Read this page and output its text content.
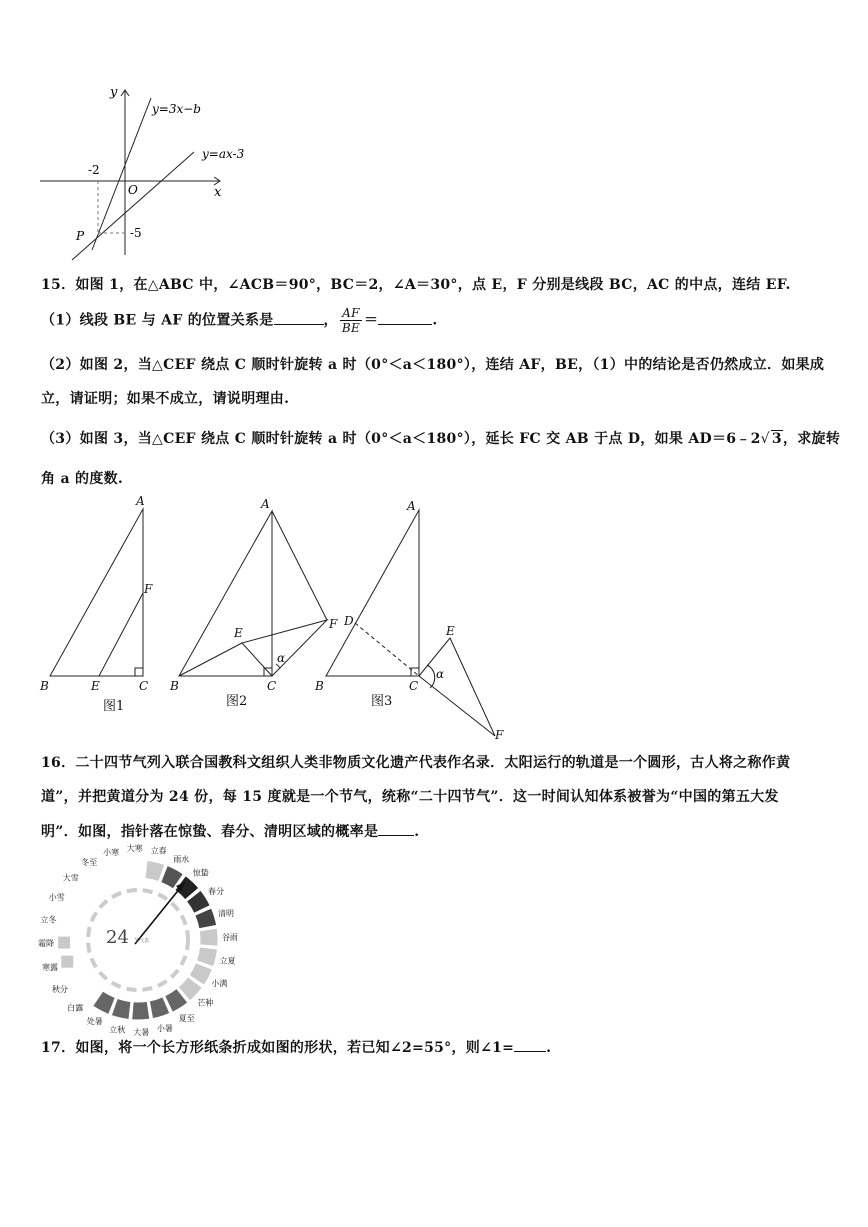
y
x
O
y=3x−b
y=ax-3
-2
-5
P
15．如图 1，在△ABC 中，∠ACB＝90°，BC＝2，∠A＝30°，点 E，F 分别是线段 BC，AC 的中点，连结 EF.
（1）线段 BE 与 AF 的位置关系是	， $\frac{AF}{BE}$ ＝	.
（2）如图 2，当△CEF 绕点 C 顺时针旋转 a 时（0°＜a＜180°），连结 AF，BE，（1）中的结论是否仍然成立．如果成
立，请证明；如果不成立，请说明理由.
（3）如图 3，当△CEF 绕点 C 顺时针旋转 a 时（0°＜a＜180°），延长 FC 交 AB 于点 D，如果 AD＝6﹣2√ 3，求旋转
角 a 的度数.
A
F
B	E	C
A
E
F
B	C
α
A
D
E
B	C
α
F
图1	图2	图3
16．二十四节气列入联合国教科文组织人类非物质文化遗产代表作名录．太阳运行的轨道是一个圆形，古人将之称作黄
道”，并把黄道分为 24 份，每 15 度就是一个节气，统称“二十四节气”．这一时间认知体系被誉为“中国的第五大发
明”．如图，指针落在惊蛰、春分、清明区域的概率是	.
雨水
惊蛰
春分
清明
谷雨
立夏
小满
芒种
夏至
小暑
大暑
立秋
处暑
白露
秋分
寒露
霜降
立冬
小雪
大雪
冬至
小寒 大寒 立春
24 节气表
17．如图，将一个长方形纸条折成如图的形状，若已知∠2=55°，则∠1= .
